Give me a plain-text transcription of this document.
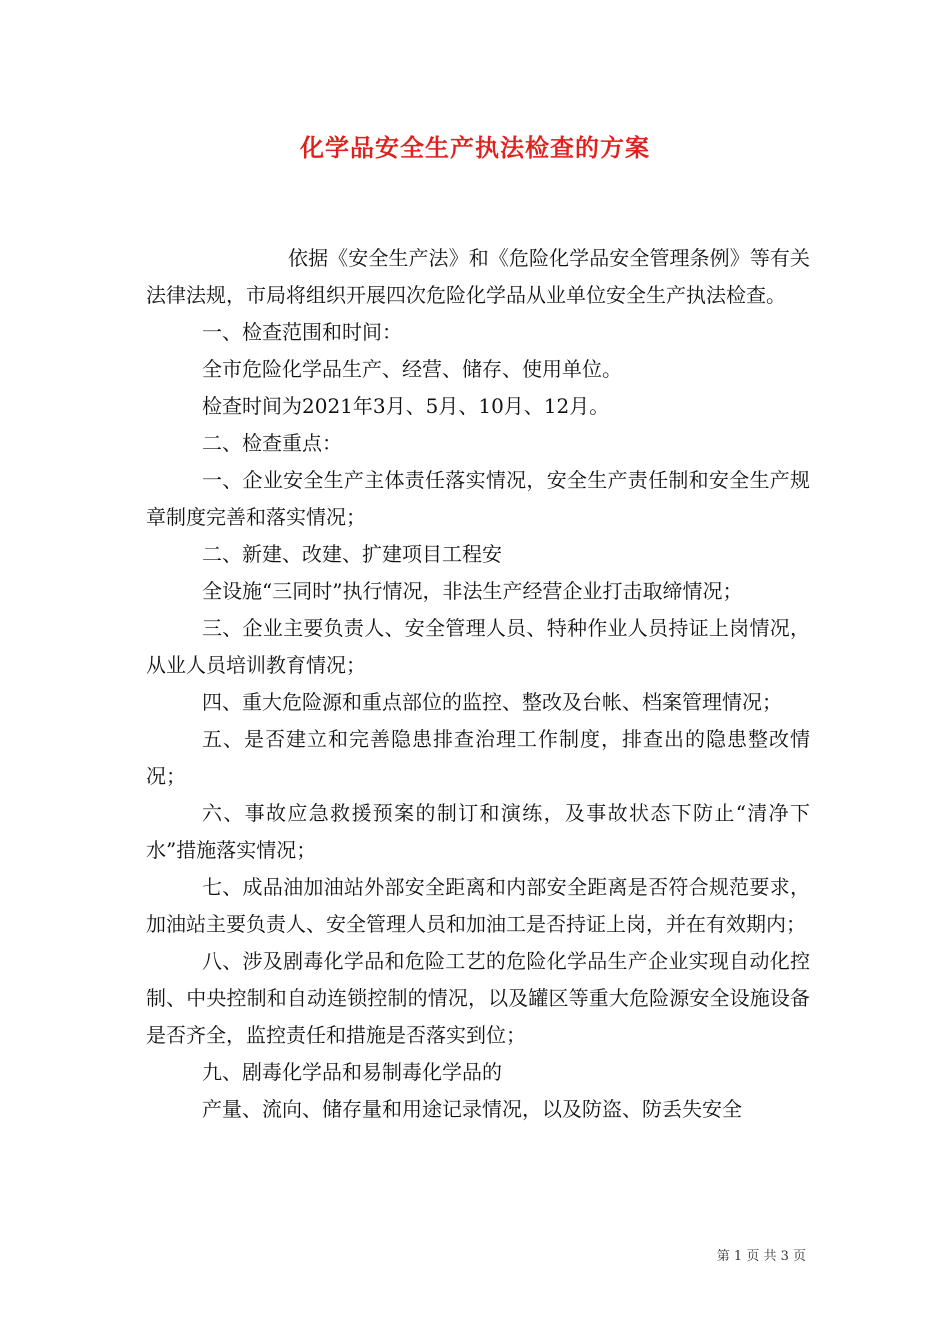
化学品安全生产执法检查的方案

依据《安全生产法》和《危险化学品安全管理条例》等有关法律法规，市局将组织开展四次危险化学品从业单位安全生产执法检查。

一、检查范围和时间：

全市危险化学品生产、经营、储存、使用单位。

检查时间为2021年3月、5月、10月、12月。

二、检查重点：

一、企业安全生产主体责任落实情况，安全生产责任制和安全生产规章制度完善和落实情况；

二、新建、改建、扩建项目工程安

全设施“三同时”执行情况，非法生产经营企业打击取缔情况；

三、企业主要负责人、安全管理人员、特种作业人员持证上岗情况，从业人员培训教育情况；

四、重大危险源和重点部位的监控、整改及台帐、档案管理情况；

五、是否建立和完善隐患排查治理工作制度，排查出的隐患整改情况；

六、事故应急救援预案的制订和演练，及事故状态下防止“清净下水”措施落实情况；

七、成品油加油站外部安全距离和内部安全距离是否符合规范要求，加油站主要负责人、安全管理人员和加油工是否持证上岗，并在有效期内；

八、涉及剧毒化学品和危险工艺的危险化学品生产企业实现自动化控制、中央控制和自动连锁控制的情况，以及罐区等重大危险源安全设施设备是否齐全，监控责任和措施是否落实到位；

九、剧毒化学品和易制毒化学品的

产量、流向、储存量和用途记录情况，以及防盗、防丢失安全

第 1 页 共 3 页
